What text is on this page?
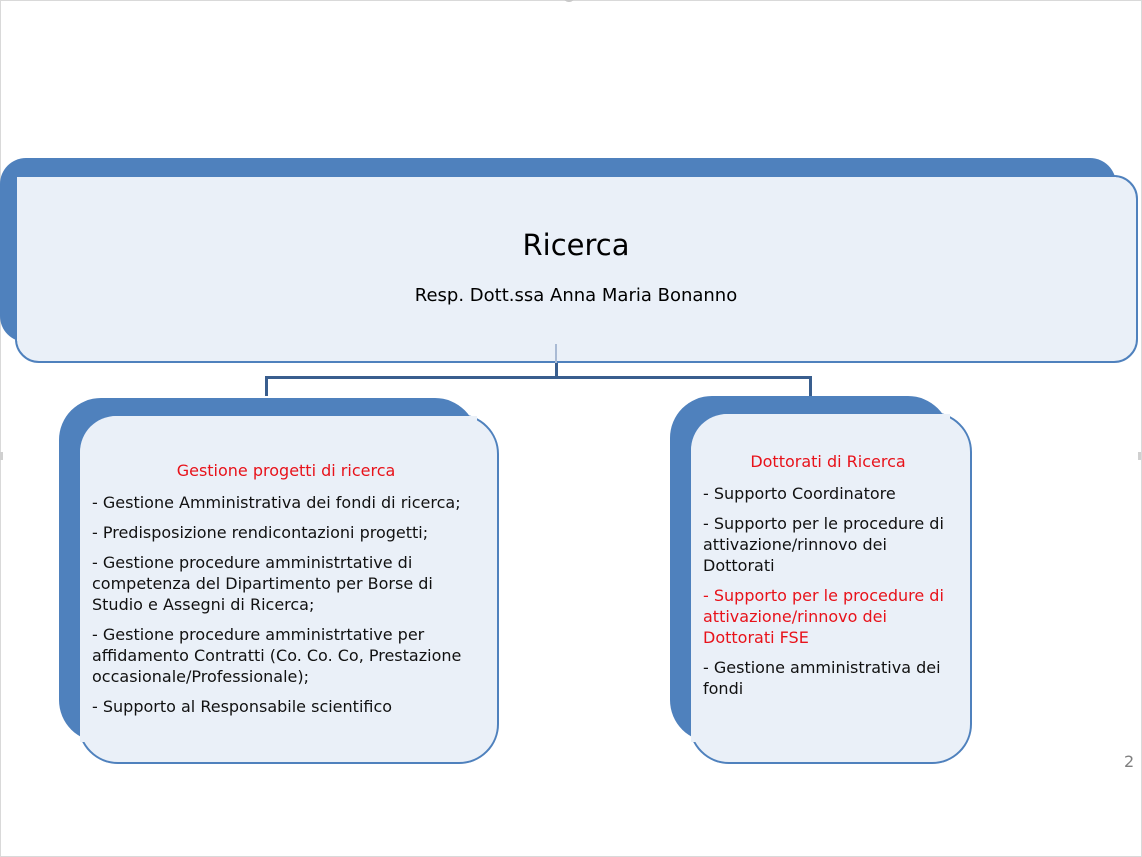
Ricerca
Resp. Dott.ssa Anna Maria Bonanno
Gestione progetti di ricerca
- Gestione Amministrativa dei fondi di ricerca;
- Predisposizione rendicontazioni progetti;
- Gestione procedure amministrtative di competenza del Dipartimento per Borse di Studio e Assegni di Ricerca;
- Gestione procedure amministrtative per affidamento Contratti (Co. Co. Co, Prestazione occasionale/Professionale);
- Supporto al Responsabile scientifico
Dottorati di Ricerca
- Supporto Coordinatore
- Supporto per le procedure di attivazione/rinnovo dei Dottorati
- Supporto per le procedure di attivazione/rinnovo dei Dottorati FSE
- Gestione amministrativa dei fondi
2
